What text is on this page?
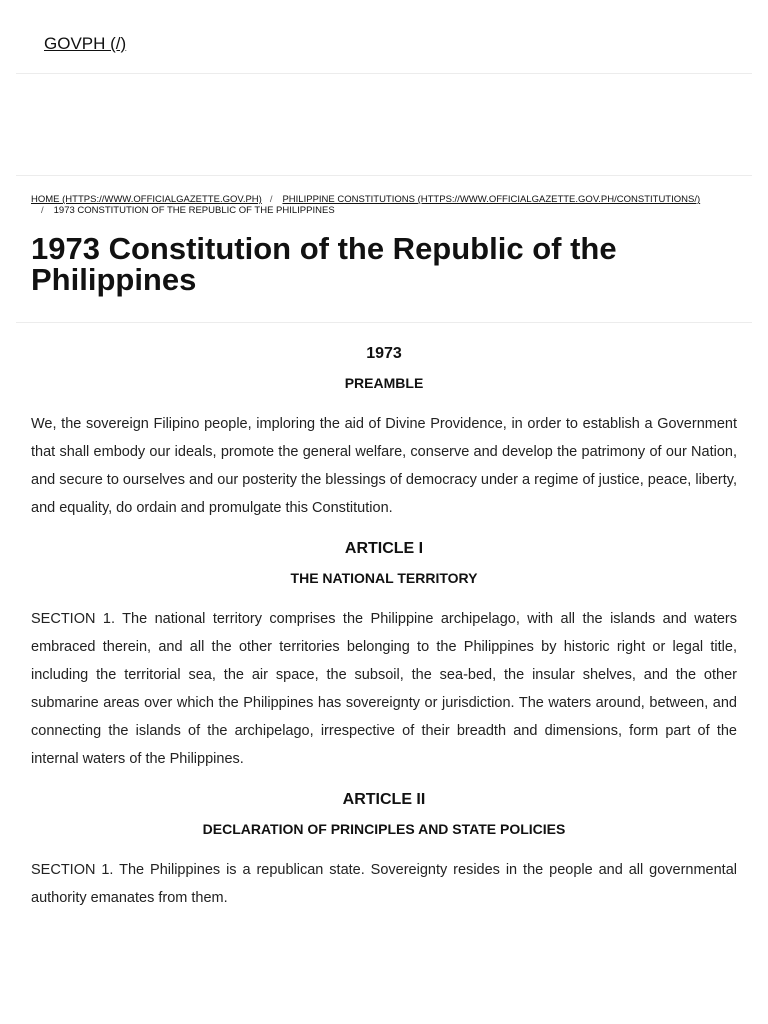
GOVPH (/)
HOME (HTTPS://WWW.OFFICIALGAZETTE.GOV.PH) / PHILIPPINE CONSTITUTIONS (HTTPS://WWW.OFFICIALGAZETTE.GOV.PH/CONSTITUTIONS/)
/ 1973 CONSTITUTION OF THE REPUBLIC OF THE PHILIPPINES
1973 Constitution of the Republic of the Philippines
1973
PREAMBLE

We, the sovereign Filipino people, imploring the aid of Divine Providence, in order to establish a Government that shall embody our ideals, promote the general welfare, conserve and develop the patrimony of our Nation, and secure to ourselves and our posterity the blessings of democracy under a regime of justice, peace, liberty, and equality, do ordain and promulgate this Constitution.

ARTICLE I
THE NATIONAL TERRITORY

SECTION 1. The national territory comprises the Philippine archipelago, with all the islands and waters embraced therein, and all the other territories belonging to the Philippines by historic right or legal title, including the territorial sea, the air space, the subsoil, the sea-bed, the insular shelves, and the other submarine areas over which the Philippines has sovereignty or jurisdiction. The waters around, between, and connecting the islands of the archipelago, irrespective of their breadth and dimensions, form part of the internal waters of the Philippines.

ARTICLE II
DECLARATION OF PRINCIPLES AND STATE POLICIES

SECTION 1. The Philippines is a republican state. Sovereignty resides in the people and all governmental authority emanates from them.
